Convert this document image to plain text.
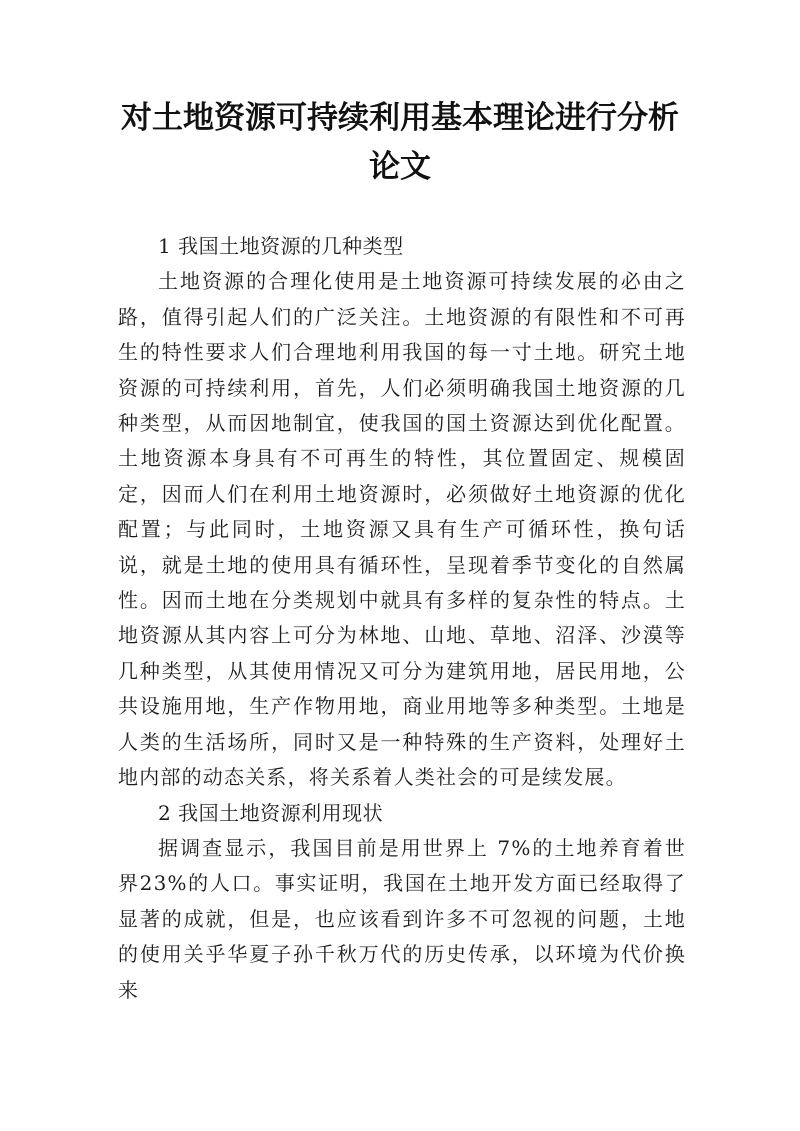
对土地资源可持续利用基本理论进行分析
论文

1 我国土地资源的几种类型

土地资源的合理化使用是土地资源可持续发展的必由之路，值得引起人们的广泛关注。土地资源的有限性和不可再生的特性要求人们合理地利用我国的每一寸土地。研究土地资源的可持续利用，首先，人们必须明确我国土地资源的几种类型，从而因地制宜，使我国的国土资源达到优化配置。土地资源本身具有不可再生的特性，其位置固定、规模固定，因而人们在利用土地资源时，必须做好土地资源的优化配置；与此同时，土地资源又具有生产可循环性，换句话说，就是土地的使用具有循环性，呈现着季节变化的自然属性。因而土地在分类规划中就具有多样的复杂性的特点。土地资源从其内容上可分为林地、山地、草地、沼泽、沙漠等几种类型，从其使用情况又可分为建筑用地，居民用地，公共设施用地，生产作物用地，商业用地等多种类型。土地是人类的生活场所，同时又是一种特殊的生产资料，处理好土地内部的动态关系，将关系着人类社会的可是续发展。

2 我国土地资源利用现状

据调查显示，我国目前是用世界上 7%的土地养育着世界23%的人口。事实证明，我国在土地开发方面已经取得了显著的成就，但是，也应该看到许多不可忽视的问题，土地的使用关乎华夏子孙千秋万代的历史传承，以环境为代价换来
